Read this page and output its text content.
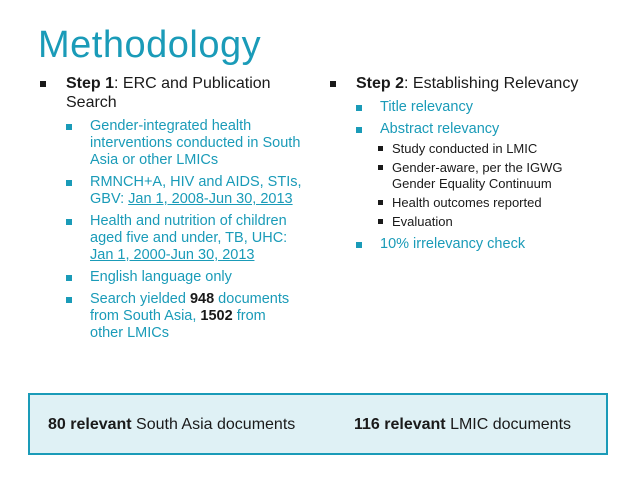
Methodology
Step 1: ERC and Publication
Search
Gender-integrated health
interventions conducted in South
Asia or other LMICs
RMNCH+A, HIV and AIDS, STIs,
GBV: Jan 1, 2008-Jun 30, 2013
Health and nutrition of children
aged five and under, TB, UHC:
Jan 1, 2000-Jun 30, 2013
English language only
Search yielded 948 documents
from South Asia, 1502 from
other LMICs
Step 2: Establishing Relevancy
Title relevancy
Abstract relevancy
Study conducted in LMIC
Gender-aware, per the IGWG
Gender Equality Continuum
Health outcomes reported
Evaluation
10% irrelevancy check
80 relevant South Asia documents	116 relevant LMIC documents
